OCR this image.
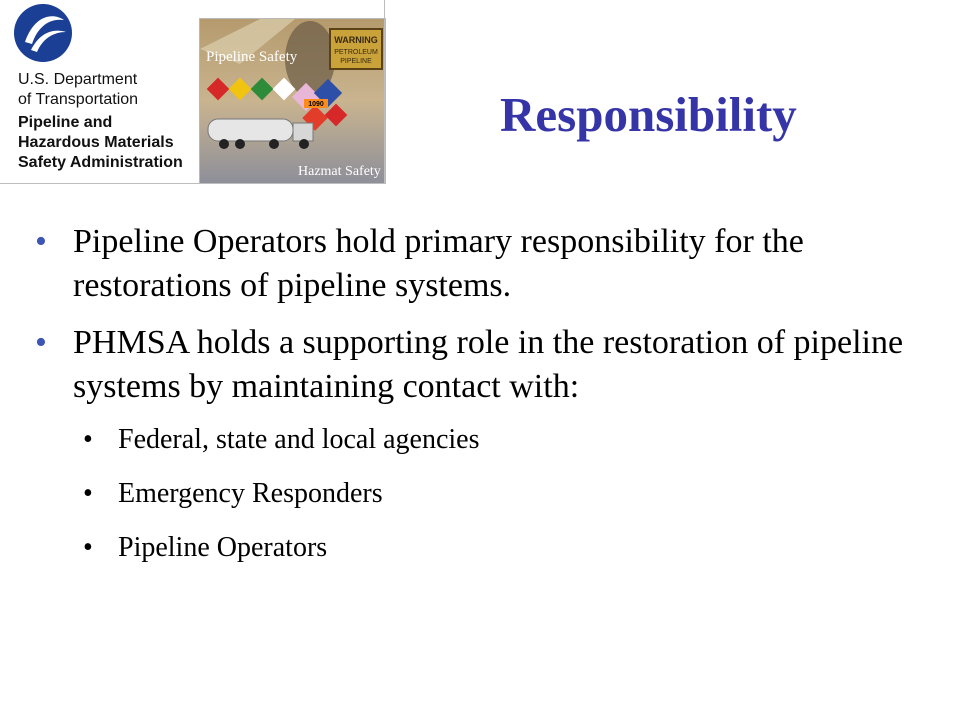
U.S. Department
of Transportation
Pipeline and
Hazardous Materials
Safety Administration
WARNING
PETROLEUM
PIPELINE
Pipeline Safety
1090
Hazmat Safety
Responsibility
• Pipeline Operators hold primary responsibility for the restorations of pipeline systems.
• PHMSA holds a supporting role in the restoration of pipeline systems by maintaining contact with:
• Federal, state and local agencies
• Emergency Responders
• Pipeline Operators
